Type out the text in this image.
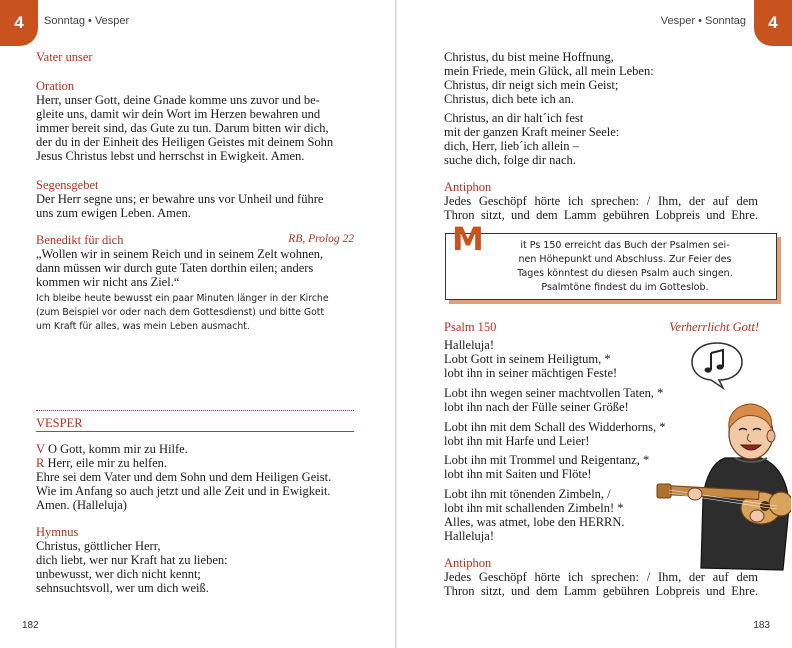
4	Sonntag • Vesper
Vater unser
Oration
Herr, unser Gott, deine Gnade komme uns zuvor und be-
gleite uns, damit wir dein Wort im Herzen bewahren und
immer bereit sind, das Gute zu tun. Darum bitten wir dich,
der du in der Einheit des Heiligen Geistes mit deinem Sohn
Jesus Christus lebst und herrschst in Ewigkeit. Amen.
Segensgebet
Der Herr segne uns; er bewahre uns vor Unheil und führe
uns zum ewigen Leben. Amen.
Benedikt für dich	RB, Prolog 22
„Wollen wir in seinem Reich und in seinem Zelt wohnen,
dann müssen wir durch gute Taten dorthin eilen; anders
kommen wir nicht ans Ziel.“
Ich bleibe heute bewusst ein paar Minuten länger in der Kirche
(zum Beispiel vor oder nach dem Gottesdienst) und bitte Gott
um Kraft für alles, was mein Leben ausmacht.
VESPER
V O Gott, komm mir zu Hilfe.
R Herr, eile mir zu helfen.
Ehre sei dem Vater und dem Sohn und dem Heiligen Geist.
Wie im Anfang so auch jetzt und alle Zeit und in Ewigkeit.
Amen. (Halleluja)
Hymnus
Christus, göttlicher Herr,
dich liebt, wer nur Kraft hat zu lieben:
unbewusst, wer dich nicht kennt;
sehnsuchtsvoll, wer um dich weiß.
182
4
Vesper • Sonntag
Christus, du bist meine Hoffnung,
mein Friede, mein Glück, all mein Leben:
Christus, dir neigt sich mein Geist;
Christus, dich bete ich an.
Christus, an dir halt´ich fest
mit der ganzen Kraft meiner Seele:
dich, Herr, lieb´ich allein –
suche dich, folge dir nach.
Antiphon
Jedes Geschöpf hörte ich sprechen: / Ihm, der auf dem
Thron sitzt, und dem Lamm gebühren Lobpreis und Ehre.
M	it Ps 150 erreicht das Buch der Psalmen sei-
nen Höhepunkt und Abschluss. Zur Feier des
Tages könntest du diesen Psalm auch singen.
Psalmtöne findest du im Gotteslob.
Psalm 150	Verherrlicht Gott!
Halleluja!
Lobt Gott in seinem Heiligtum, *
lobt ihn in seiner mächtigen Feste!
Lobt ihn wegen seiner machtvollen Taten, *
lobt ihn nach der Fülle seiner Größe!
Lobt ihn mit dem Schall des Widderhorns, *
lobt ihn mit Harfe und Leier!
Lobt ihn mit Trommel und Reigentanz, *
lobt ihn mit Saiten und Flöte!
Lobt ihn mit tönenden Zimbeln, /
lobt ihn mit schallenden Zimbeln! *
Alles, was atmet, lobe den HERRN.
Halleluja!
Antiphon
Jedes Geschöpf hörte ich sprechen: / Ihm, der auf dem
Thron sitzt, und dem Lamm gebühren Lobpreis und Ehre.
183
